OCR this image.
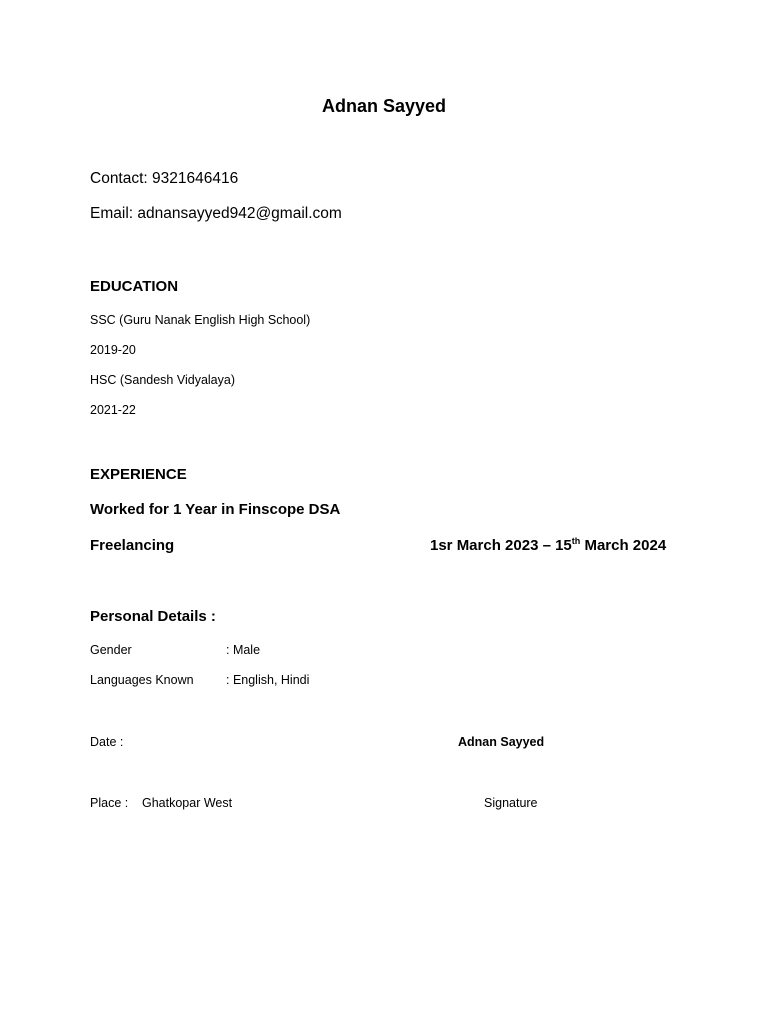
Adnan Sayyed
Contact: 9321646416
Email: adnansayyed942@gmail.com
EDUCATION
SSC (Guru Nanak English High School)
2019-20
HSC (Sandesh Vidyalaya)
2021-22
EXPERIENCE
Worked for 1 Year in Finscope DSA
Freelancing	1sr March 2023 – 15th March 2024
Personal Details :
Gender	: Male
Languages Known	: English, Hindi
Date :	Adnan Sayyed
Place : Ghatkopar West	Signature
